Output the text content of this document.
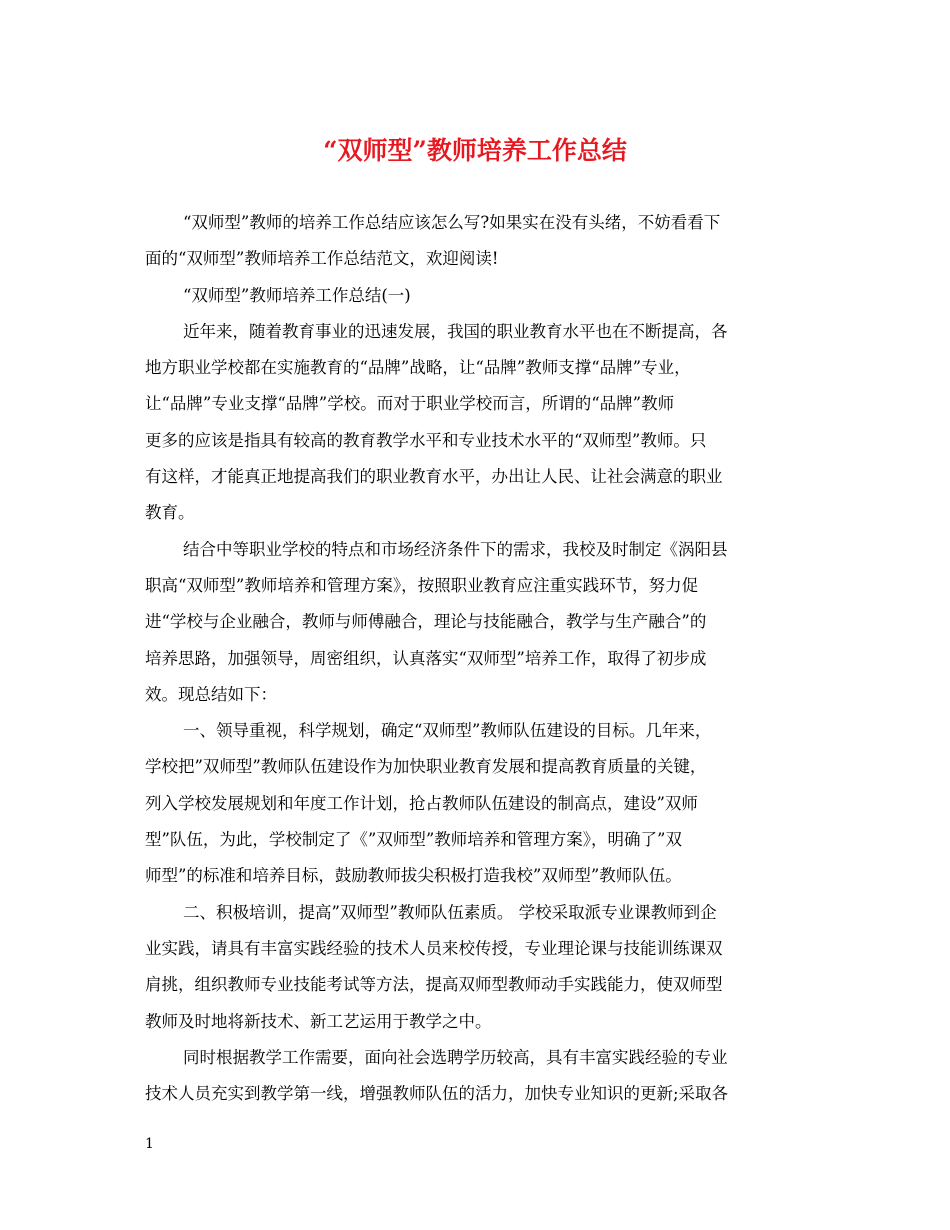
“双师型”教师培养工作总结
“双师型”教师的培养工作总结应该怎么写?如果实在没有头绪，不妨看看下
面的“双师型”教师培养工作总结范文，欢迎阅读!
“双师型”教师培养工作总结(一)
近年来，随着教育事业的迅速发展，我国的职业教育水平也在不断提高，各
地方职业学校都在实施教育的“品牌”战略，让“品牌”教师支撑“品牌”专业，
让“品牌”专业支撑“品牌”学校。而对于职业学校而言，所谓的“品牌”教师
更多的应该是指具有较高的教育教学水平和专业技术水平的“双师型”教师。只
有这样，才能真正地提高我们的职业教育水平，办出让人民、让社会满意的职业
教育。
结合中等职业学校的特点和市场经济条件下的需求，我校及时制定《涡阳县
职高“双师型”教师培养和管理方案》，按照职业教育应注重实践环节，努力促
进“学校与企业融合，教师与师傅融合，理论与技能融合，教学与生产融合”的
培养思路，加强领导，周密组织，认真落实“双师型”培养工作，取得了初步成
效。现总结如下：
一、领导重视，科学规划，确定“双师型”教师队伍建设的目标。几年来，
学校把”双师型”教师队伍建设作为加快职业教育发展和提高教育质量的关键，
列入学校发展规划和年度工作计划，抢占教师队伍建设的制高点，建设”双师
型”队伍，为此，学校制定了《”双师型”教师培养和管理方案》，明确了”双
师型”的标准和培养目标，鼓励教师拔尖积极打造我校”双师型”教师队伍。
二、积极培训，提高”双师型”教师队伍素质。 学校采取派专业课教师到企
业实践，请具有丰富实践经验的技术人员来校传授，专业理论课与技能训练课双
肩挑，组织教师专业技能考试等方法，提高双师型教师动手实践能力，使双师型
教师及时地将新技术、新工艺运用于教学之中。
同时根据教学工作需要，面向社会选聘学历较高，具有丰富实践经验的专业
技术人员充实到教学第一线，增强教师队伍的活力，加快专业知识的更新;采取各
1
